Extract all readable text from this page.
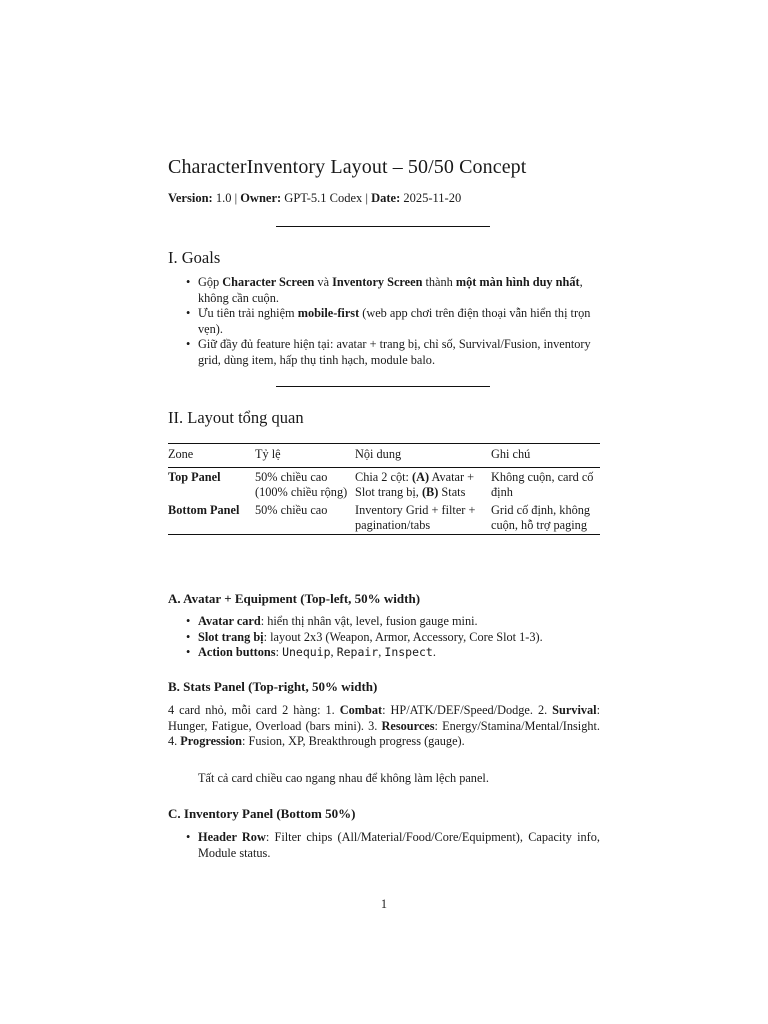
CharacterInventory Layout – 50/50 Concept
Version: 1.0 | Owner: GPT-5.1 Codex | Date: 2025-11-20
I. Goals
• Gộp Character Screen và Inventory Screen thành một màn hình duy nhất, không cần cuộn.
• Ưu tiên trải nghiệm mobile-first (web app chơi trên điện thoại vẫn hiển thị trọn vẹn).
• Giữ đầy đủ feature hiện tại: avatar + trang bị, chỉ số, Survival/Fusion, inventory grid, dùng item, hấp thụ tinh hạch, module balo.
II. Layout tổng quan
Zone	Tỷ lệ	Nội dung	Ghi chú
Top Panel	50% chiều cao (100% chiều rộng)	Chia 2 cột: (A) Avatar + Slot trang bị, (B) Stats	Không cuộn, card cố định
Bottom Panel	50% chiều cao	Inventory Grid + filter + pagination/tabs	Grid cố định, không cuộn, hỗ trợ paging
A. Avatar + Equipment (Top-left, 50% width)
• Avatar card: hiển thị nhân vật, level, fusion gauge mini.
• Slot trang bị: layout 2x3 (Weapon, Armor, Accessory, Core Slot 1-3).
• Action buttons: Unequip, Repair, Inspect.
B. Stats Panel (Top-right, 50% width)
4 card nhỏ, mỗi card 2 hàng: 1. Combat: HP/ATK/DEF/Speed/Dodge. 2. Survival: Hunger, Fatigue, Overload (bars mini). 3. Resources: Energy/Stamina/Mental/Insight. 4. Progression: Fusion, XP, Breakthrough progress (gauge).
Tất cả card chiều cao ngang nhau để không làm lệch panel.
C. Inventory Panel (Bottom 50%)
• Header Row: Filter chips (All/Material/Food/Core/Equipment), Capacity info, Module status.
1
